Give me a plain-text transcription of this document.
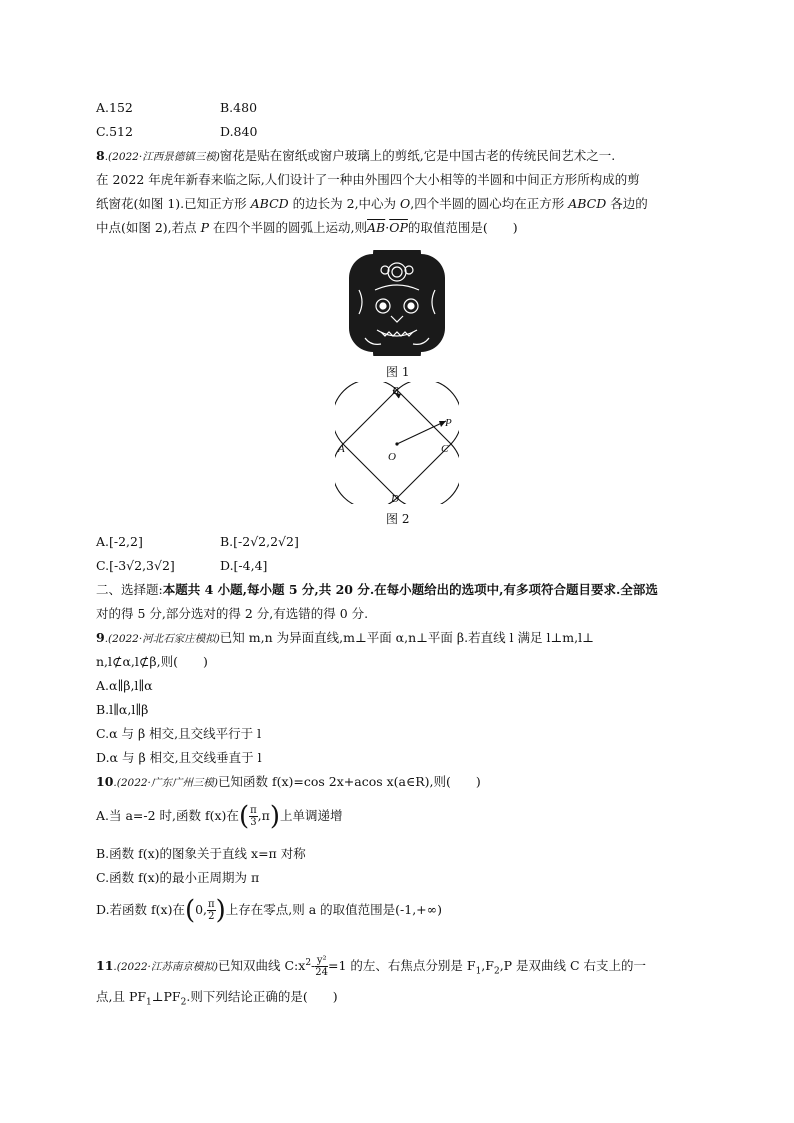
A.152	B.480
C.512	D.840
8.(2022·江西景德镇三模)窗花是贴在窗纸或窗户玻璃上的剪纸,它是中国古老的传统民间艺术之一.
在 2022 年虎年新春来临之际,人们设计了一种由外围四个大小相等的半圆和中间正方形所构成的剪
纸窗花(如图 1).已知正方形 ABCD 的边长为 2,中心为 O,四个半圆的圆心均在正方形 ABCD 各边的
中点(如图 2),若点 P 在四个半圆的圆弧上运动,则$\overline{AB}\cdot\overline{OP}$的取值范围是(　　)
图 1
B
A	C
D
O
P
图 2
A.[-2,2]	B.[-2√2,2√2]
C.[-3√2,3√2]	D.[-4,4]
二、选择题:本题共 4 小题,每小题 5 分,共 20 分.在每小题给出的选项中,有多项符合题目要求.全部选
对的得 5 分,部分选对的得 2 分,有选错的得 0 分.
9.(2022·河北石家庄模拟)已知 m,n 为异面直线,m⊥平面 α,n⊥平面 β.若直线 l 满足 l⊥m,l⊥
n,l⊄α,l⊄β,则(　　)
A.α∥β,l∥α
B.l∥α,l∥β
C.α 与 β 相交,且交线平行于 l
D.α 与 β 相交,且交线垂直于 l
10.(2022·广东广州三模)已知函数 f(x)=cos 2x+acos x(a∈R),则(　　)
A.当 a=-2 时,函数 f(x)在( $\frac{\pi}{3} ,\pi$)上单调递增
B.函数 f(x)的图象关于直线 x=π 对称
C.函数 f(x)的最小正周期为 π
D.若函数 f(x)在(0, $\frac{\pi}{2}$ )上存在零点,则 a 的取值范围是(-1,+∞)
11.(2022·江苏南京模拟)已知双曲线 $C:x^2- \frac{\text{y²}}{24} =1$ 的左、右焦点分别是 $F_1,F_2,P$ 是双曲线 C 右支上的一
点,且 $PF_1\perp PF_2$.则下列结论正确的是(　　)
